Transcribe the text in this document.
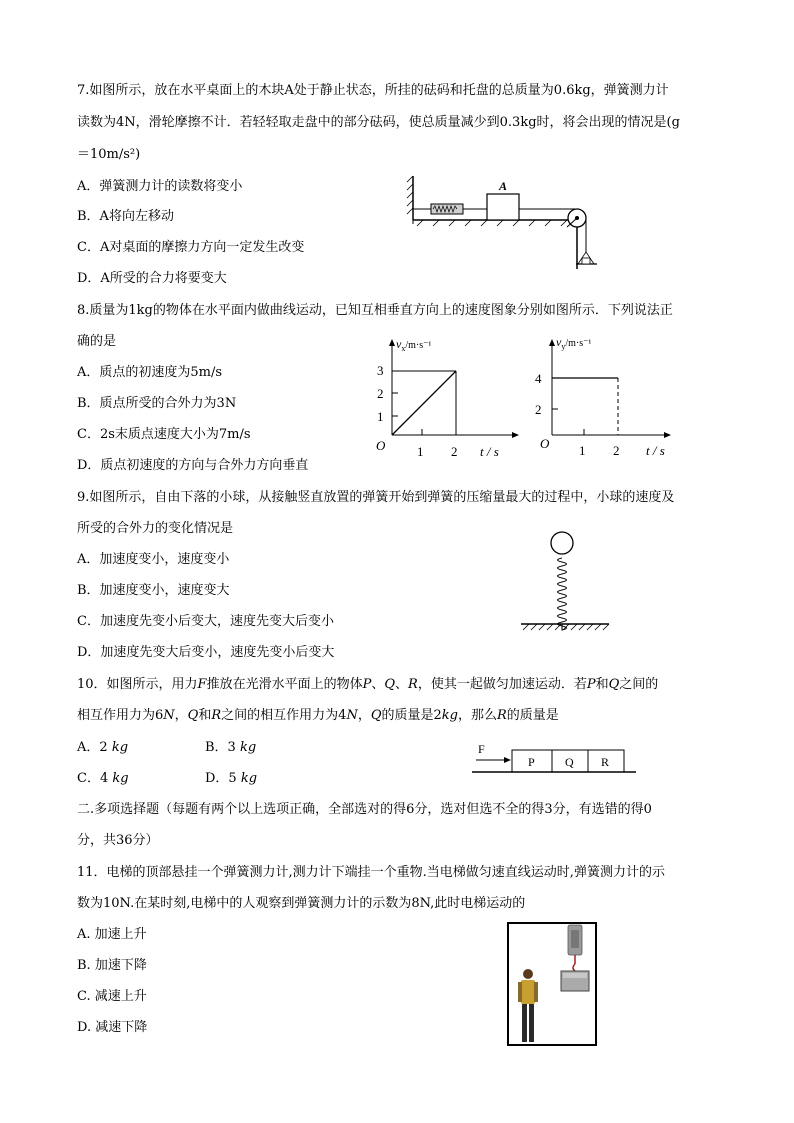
7.如图所示，放在水平桌面上的木块A处于静止状态，所挂的砝码和托盘的总质量为0.6kg，弹簧测力计
读数为4N，滑轮摩擦不计．若轻轻取走盘中的部分砝码，使总质量减少到0.3kg时，将会出现的情况是(g
＝10m/s²)
A．弹簧测力计的读数将变小
B．A将向左移动
C．A对桌面的摩擦力方向一定发生改变
D．A所受的合力将要变大
A
8.质量为1kg的物体在水平面内做曲线运动，已知互相垂直方向上的速度图象分别如图所示．下列说法正
确的是
A．质点的初速度为5m/s
B．质点所受的合外力为3N
C．2s末质点速度大小为7m/s
D．质点初速度的方向与合外力方向垂直
$v_x^{/m\cdot s^{-1}}$
O 1 2 t / s
1
2
3
$v_y^{/m\cdot s^{-1}}$
O 1 2 t / s
2
4
9.如图所示，自由下落的小球，从接触竖直放置的弹簧开始到弹簧的压缩量最大的过程中，小球的速度及
所受的合外力的变化情况是
A．加速度变小，速度变小
B．加速度变小，速度变大
C．加速度先变小后变大，速度先变大后变小
D．加速度先变大后变小，速度先变小后变大
10．如图所示，用力F推放在光滑水平面上的物体P、Q、R，使其一起做匀加速运动．若P和Q之间的
相互作用力为6N，Q和R之间的相互作用力为4N，Q的质量是2kg，那么R的质量是
A．2 kg	B．3 kg
C．4 kg	D．5 kg
F
P	Q R
二.多项选择题（每题有两个以上选项正确，全部选对的得6分，选对但选不全的得3分，有选错的得0
分，共36分）
11．电梯的顶部悬挂一个弹簧测力计,测力计下端挂一个重物.当电梯做匀速直线运动时,弹簧测力计的示
数为10N.在某时刻,电梯中的人观察到弹簧测力计的示数为8N,此时电梯运动的
A. 加速上升
B. 加速下降
C. 减速上升
D. 减速下降
